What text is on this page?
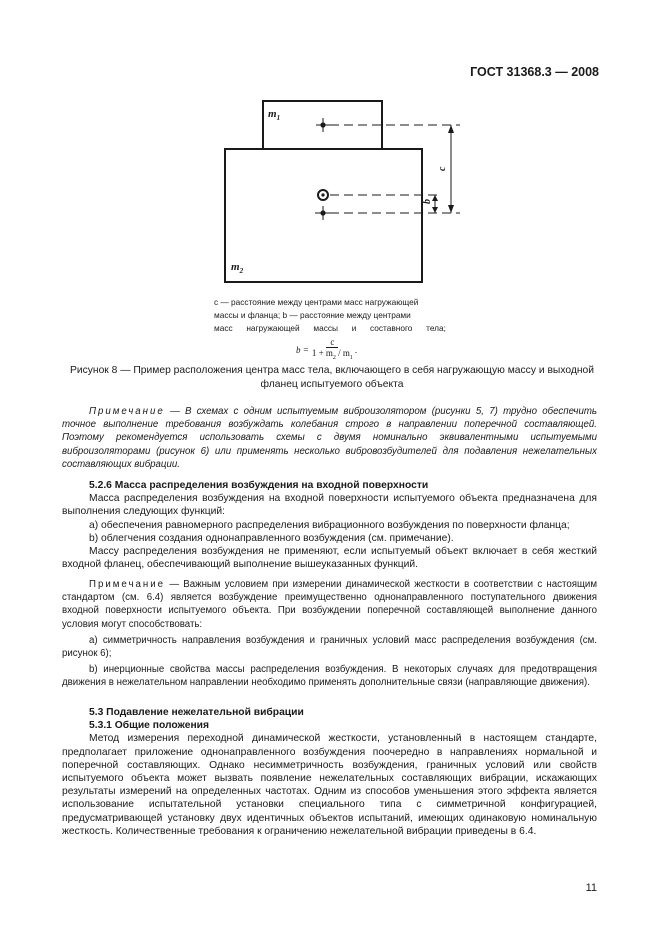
ГОСТ 31368.3 — 2008
$m_1$
$m_2$
c
b
c — расстояние между центрами масс нагружающей
массы и фланца; b — расстояние между центрами
масс нагружающей массы и составного тела;
$b = \frac{c}{1 + m_2 / m_1}$ .

Рисунок 8 — Пример расположения центра масс тела, включающего в себя нагружающую массу и выходной

фланец испытуемого объекта

Примечание — В схемах с одним испытуемым виброизолятором (рисунки 5, 7) трудно обеспечить точное выполнение требования возбуждать колебания строго в направлении поперечной составляющей. Поэтому рекомендуется использовать схемы с двумя номинально эквивалентными испытуемыми виброизоляторами (рисунок 6) или применять несколько вибровозбудителей для подавления нежелательных составляющих вибрации.

5.2.6 Масса распределения возбуждения на входной поверхности

Масса распределения возбуждения на входной поверхности испытуемого объекта предназначена для выполнения следующих функций:

а) обеспечения равномерного распределения вибрационного возбуждения по поверхности фланца;

b) облегчения создания однонаправленного возбуждения (см. примечание).

Массу распределения возбуждения не применяют, если испытуемый объект включает в себя жесткий входной фланец, обеспечивающий выполнение вышеуказанных функций.

Примечание — Важным условием при измерении динамической жесткости в соответствии с настоящим стандартом (см. 6.4) является возбуждение преимущественно однонаправленного поступательного движения входной поверхности испытуемого объекта. При возбуждении поперечной составляющей выполнение данного условия могут способствовать:

а) симметричность направления возбуждения и граничных условий масс распределения возбуждения (см. рисунок 6);

b) инерционные свойства массы распределения возбуждения. В некоторых случаях для предотвращения движения в нежелательном направлении необходимо применять дополнительные связи (направляющие движения).

5.3 Подавление нежелательной вибрации

5.3.1 Общие положения

Метод измерения переходной динамической жесткости, установленный в настоящем стандарте, предполагает приложение однонаправленного возбуждения поочередно в направлениях нормальной и поперечной составляющих. Однако несимметричность возбуждения, граничных условий или свойств испытуемого объекта может вызвать появление нежелательных составляющих вибрации, искажающих результаты измерений на определенных частотах. Одним из способов уменьшения этого эффекта является использование испытательной установки специального типа с симметричной конфигурацией, предусматривающей установку двух идентичных объектов испытаний, имеющих одинаковую номинальную жесткость. Количественные требования к ограничению нежелательной вибрации приведены в 6.4.

11
